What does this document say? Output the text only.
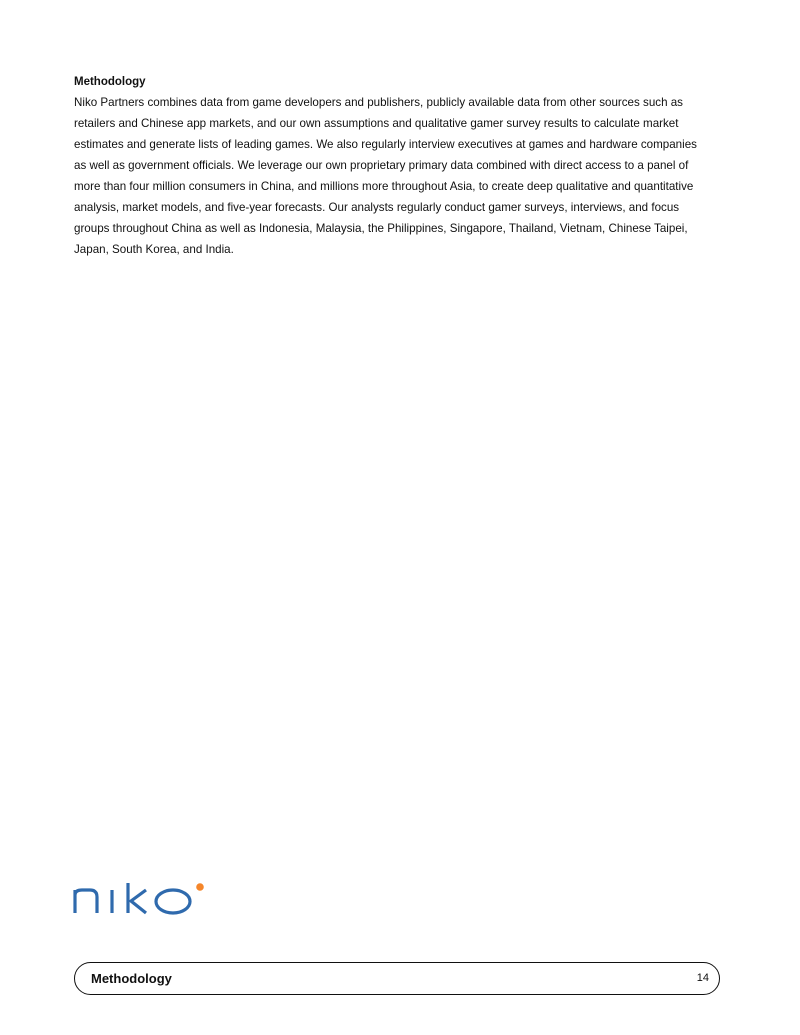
Methodology
Niko Partners combines data from game developers and publishers, publicly available data from other sources such as
retailers and Chinese app markets, and our own assumptions and qualitative gamer survey results to calculate market
estimates and generate lists of leading games. We also regularly interview executives at games and hardware companies
as well as government officials. We leverage our own proprietary primary data combined with direct access to a panel of
more than four million consumers in China, and millions more throughout Asia, to create deep qualitative and quantitative
analysis, market models, and five-year forecasts. Our analysts regularly conduct gamer surveys, interviews, and focus
groups throughout China as well as Indonesia, Malaysia, the Philippines, Singapore, Thailand, Vietnam, Chinese Taipei,
Japan, South Korea, and India.
Methodology	14
